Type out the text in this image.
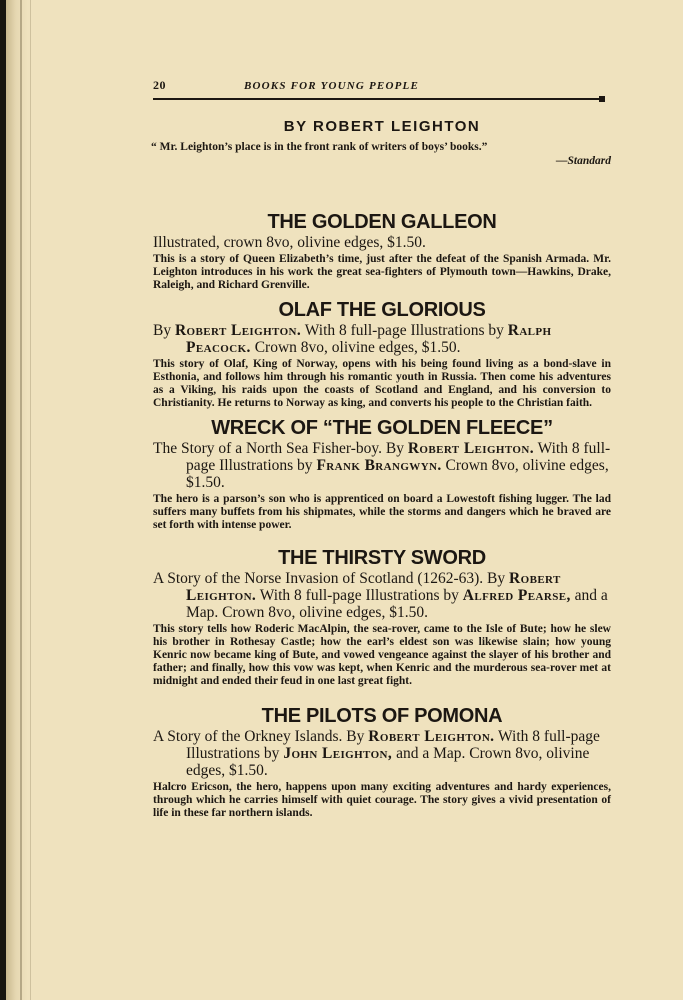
20	BOOKS FOR YOUNG PEOPLE
BY ROBERT LEIGHTON
“ Mr. Leighton’s place is in the front rank of writers of boys’ books.”
—Standard
THE GOLDEN GALLEON

Illustrated, crown 8vo, olivine edges, $1.50.

This is a story of Queen Elizabeth’s time, just after the defeat of the Spanish Armada. Mr. Leighton introduces in his work the great sea-fighters of Plymouth town—Hawkins, Drake, Raleigh, and Richard Grenville.

OLAF THE GLORIOUS

By Robert Leighton. With 8 full-page Illustrations by Ralph Peacock. Crown 8vo, olivine edges, $1.50.

This story of Olaf, King of Norway, opens with his being found living as a bond-slave in Esthonia, and follows him through his romantic youth in Russia. Then come his adventures as a Viking, his raids upon the coasts of Scotland and England, and his conversion to Christianity. He returns to Norway as king, and converts his people to the Christian faith.

WRECK OF “THE GOLDEN FLEECE”

The Story of a North Sea Fisher-boy. By Robert Leighton. With 8 full-page Illustrations by Frank Brangwyn. Crown 8vo, olivine edges, $1.50.

The hero is a parson’s son who is apprenticed on board a Lowestoft fishing lugger. The lad suffers many buffets from his shipmates, while the storms and dangers which he braved are set forth with intense power.

THE THIRSTY SWORD

A Story of the Norse Invasion of Scotland (1262-63). By Robert Leighton. With 8 full-page Illustrations by Alfred Pearse, and a Map. Crown 8vo, olivine edges, $1.50.

This story tells how Roderic MacAlpin, the sea-rover, came to the Isle of Bute; how he slew his brother in Rothesay Castle; how the earl’s eldest son was likewise slain; how young Kenric now became king of Bute, and vowed vengeance against the slayer of his brother and father; and finally, how this vow was kept, when Kenric and the murderous sea-rover met at midnight and ended their feud in one last great fight.

THE PILOTS OF POMONA

A Story of the Orkney Islands. By Robert Leighton. With 8 full-page Illustrations by John Leighton, and a Map. Crown 8vo, olivine edges, $1.50.

Halcro Ericson, the hero, happens upon many exciting adventures and hardy experiences, through which he carries himself with quiet courage. The story gives a vivid presentation of life in these far northern islands.
